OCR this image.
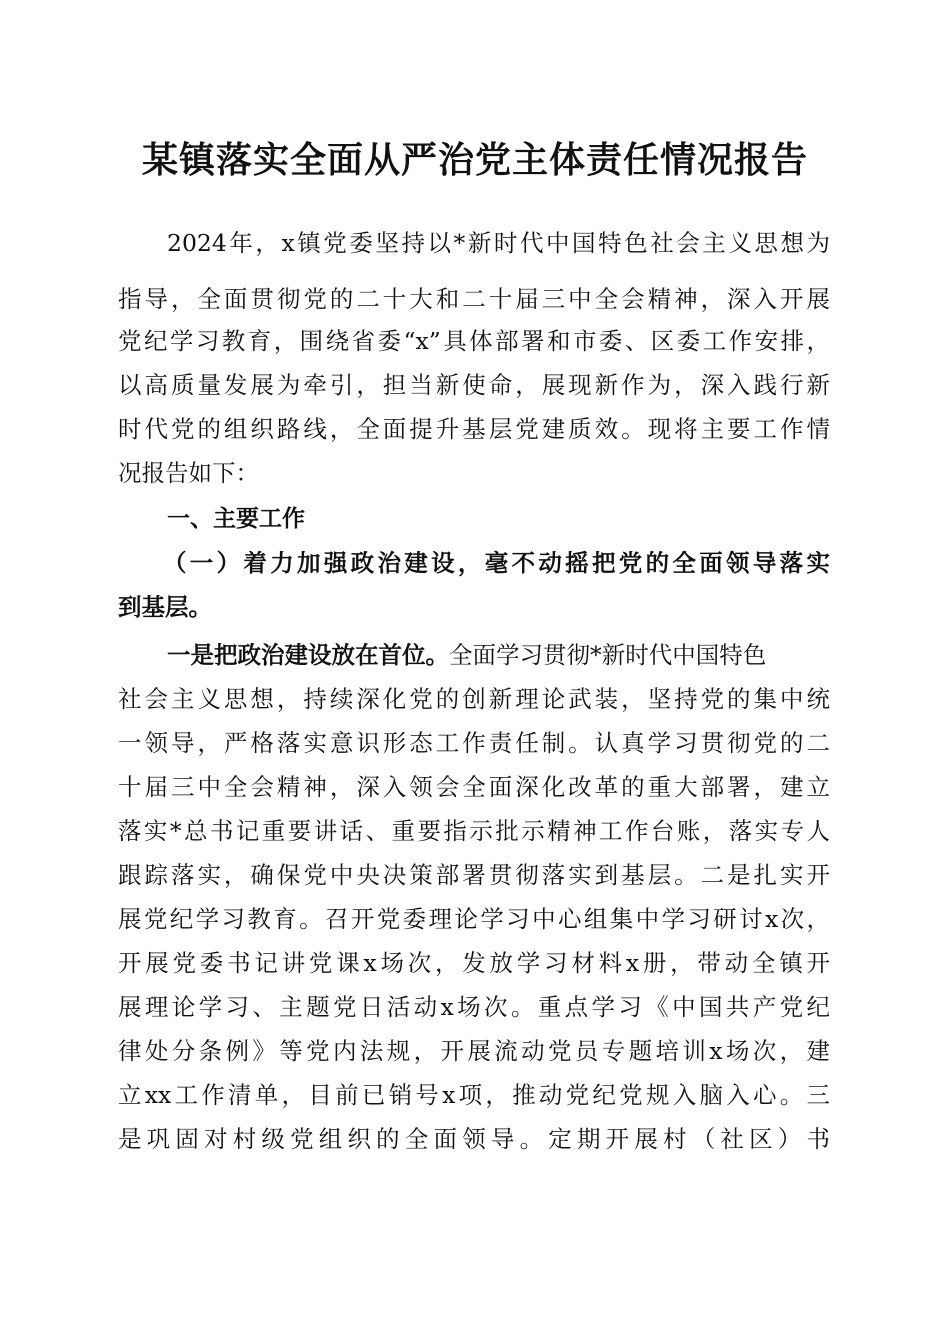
某镇落实全面从严治党主体责任情况报告
2024年，x镇党委坚持以*新时代中国特色社会主义思想为
指导，全面贯彻党的二十大和二十届三中全会精神，深入开展
党纪学习教育，围绕省委“x”具体部署和市委、区委工作安排，
以高质量发展为牵引，担当新使命，展现新作为，深入践行新
时代党的组织路线，全面提升基层党建质效。现将主要工作情
况报告如下：
一、主要工作
（一）着力加强政治建设，毫不动摇把党的全面领导落实
到基层。
一是把政治建设放在首位。全面学习贯彻*新时代中国特色
社会主义思想，持续深化党的创新理论武装，坚持党的集中统
一领导，严格落实意识形态工作责任制。认真学习贯彻党的二
十届三中全会精神，深入领会全面深化改革的重大部署，建立
落实*总书记重要讲话、重要指示批示精神工作台账，落实专人
跟踪落实，确保党中央决策部署贯彻落实到基层。二是扎实开
展党纪学习教育。召开党委理论学习中心组集中学习研讨x次，
开展党委书记讲党课x场次，发放学习材料x册，带动全镇开
展理论学习、主题党日活动x场次。重点学习《中国共产党纪
律处分条例》等党内法规，开展流动党员专题培训x场次，建
立xx工作清单，目前已销号x项，推动党纪党规入脑入心。三
是巩固对村级党组织的全面领导。定期开展村（社区）书
